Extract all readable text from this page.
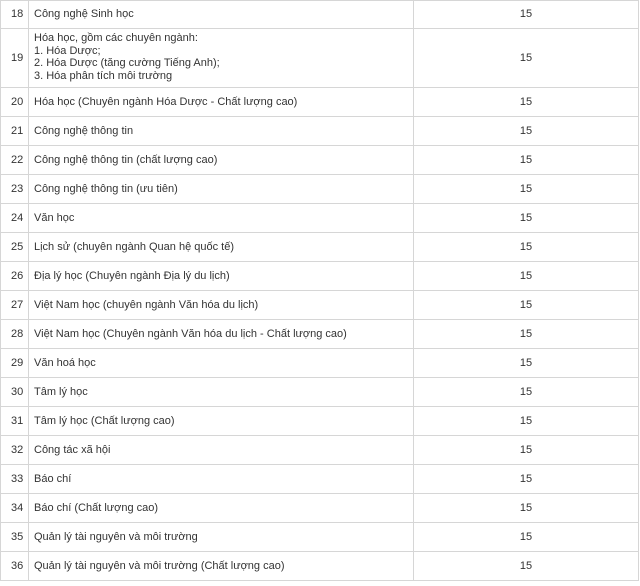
18 Công nghệ Sinh học	15
19
Hóa học, gồm các chuyên ngành:
1. Hóa Dược;
2. Hóa Dược (tăng cường Tiếng Anh);
3. Hóa phân tích môi trường
15
20 Hóa học (Chuyên ngành Hóa Dược - Chất lượng cao)	15
21 Công nghệ thông tin	15
22 Công nghệ thông tin (chất lượng cao)	15
23 Công nghệ thông tin (ưu tiên)	15
24 Văn học	15
25 Lịch sử (chuyên ngành Quan hệ quốc tế)	15
26 Địa lý học (Chuyên ngành Địa lý du lịch)	15
27 Việt Nam học (chuyên ngành Văn hóa du lịch)	15
28 Việt Nam học (Chuyên ngành Văn hóa du lịch - Chất lượng cao)	15
29 Văn hoá học	15
30 Tâm lý học	15
31 Tâm lý học (Chất lượng cao)	15
32 Công tác xã hội	15
33 Báo chí	15
34 Báo chí (Chất lượng cao)	15
35 Quản lý tài nguyên và môi trường	15
36 Quản lý tài nguyên và môi trường (Chất lượng cao)	15
